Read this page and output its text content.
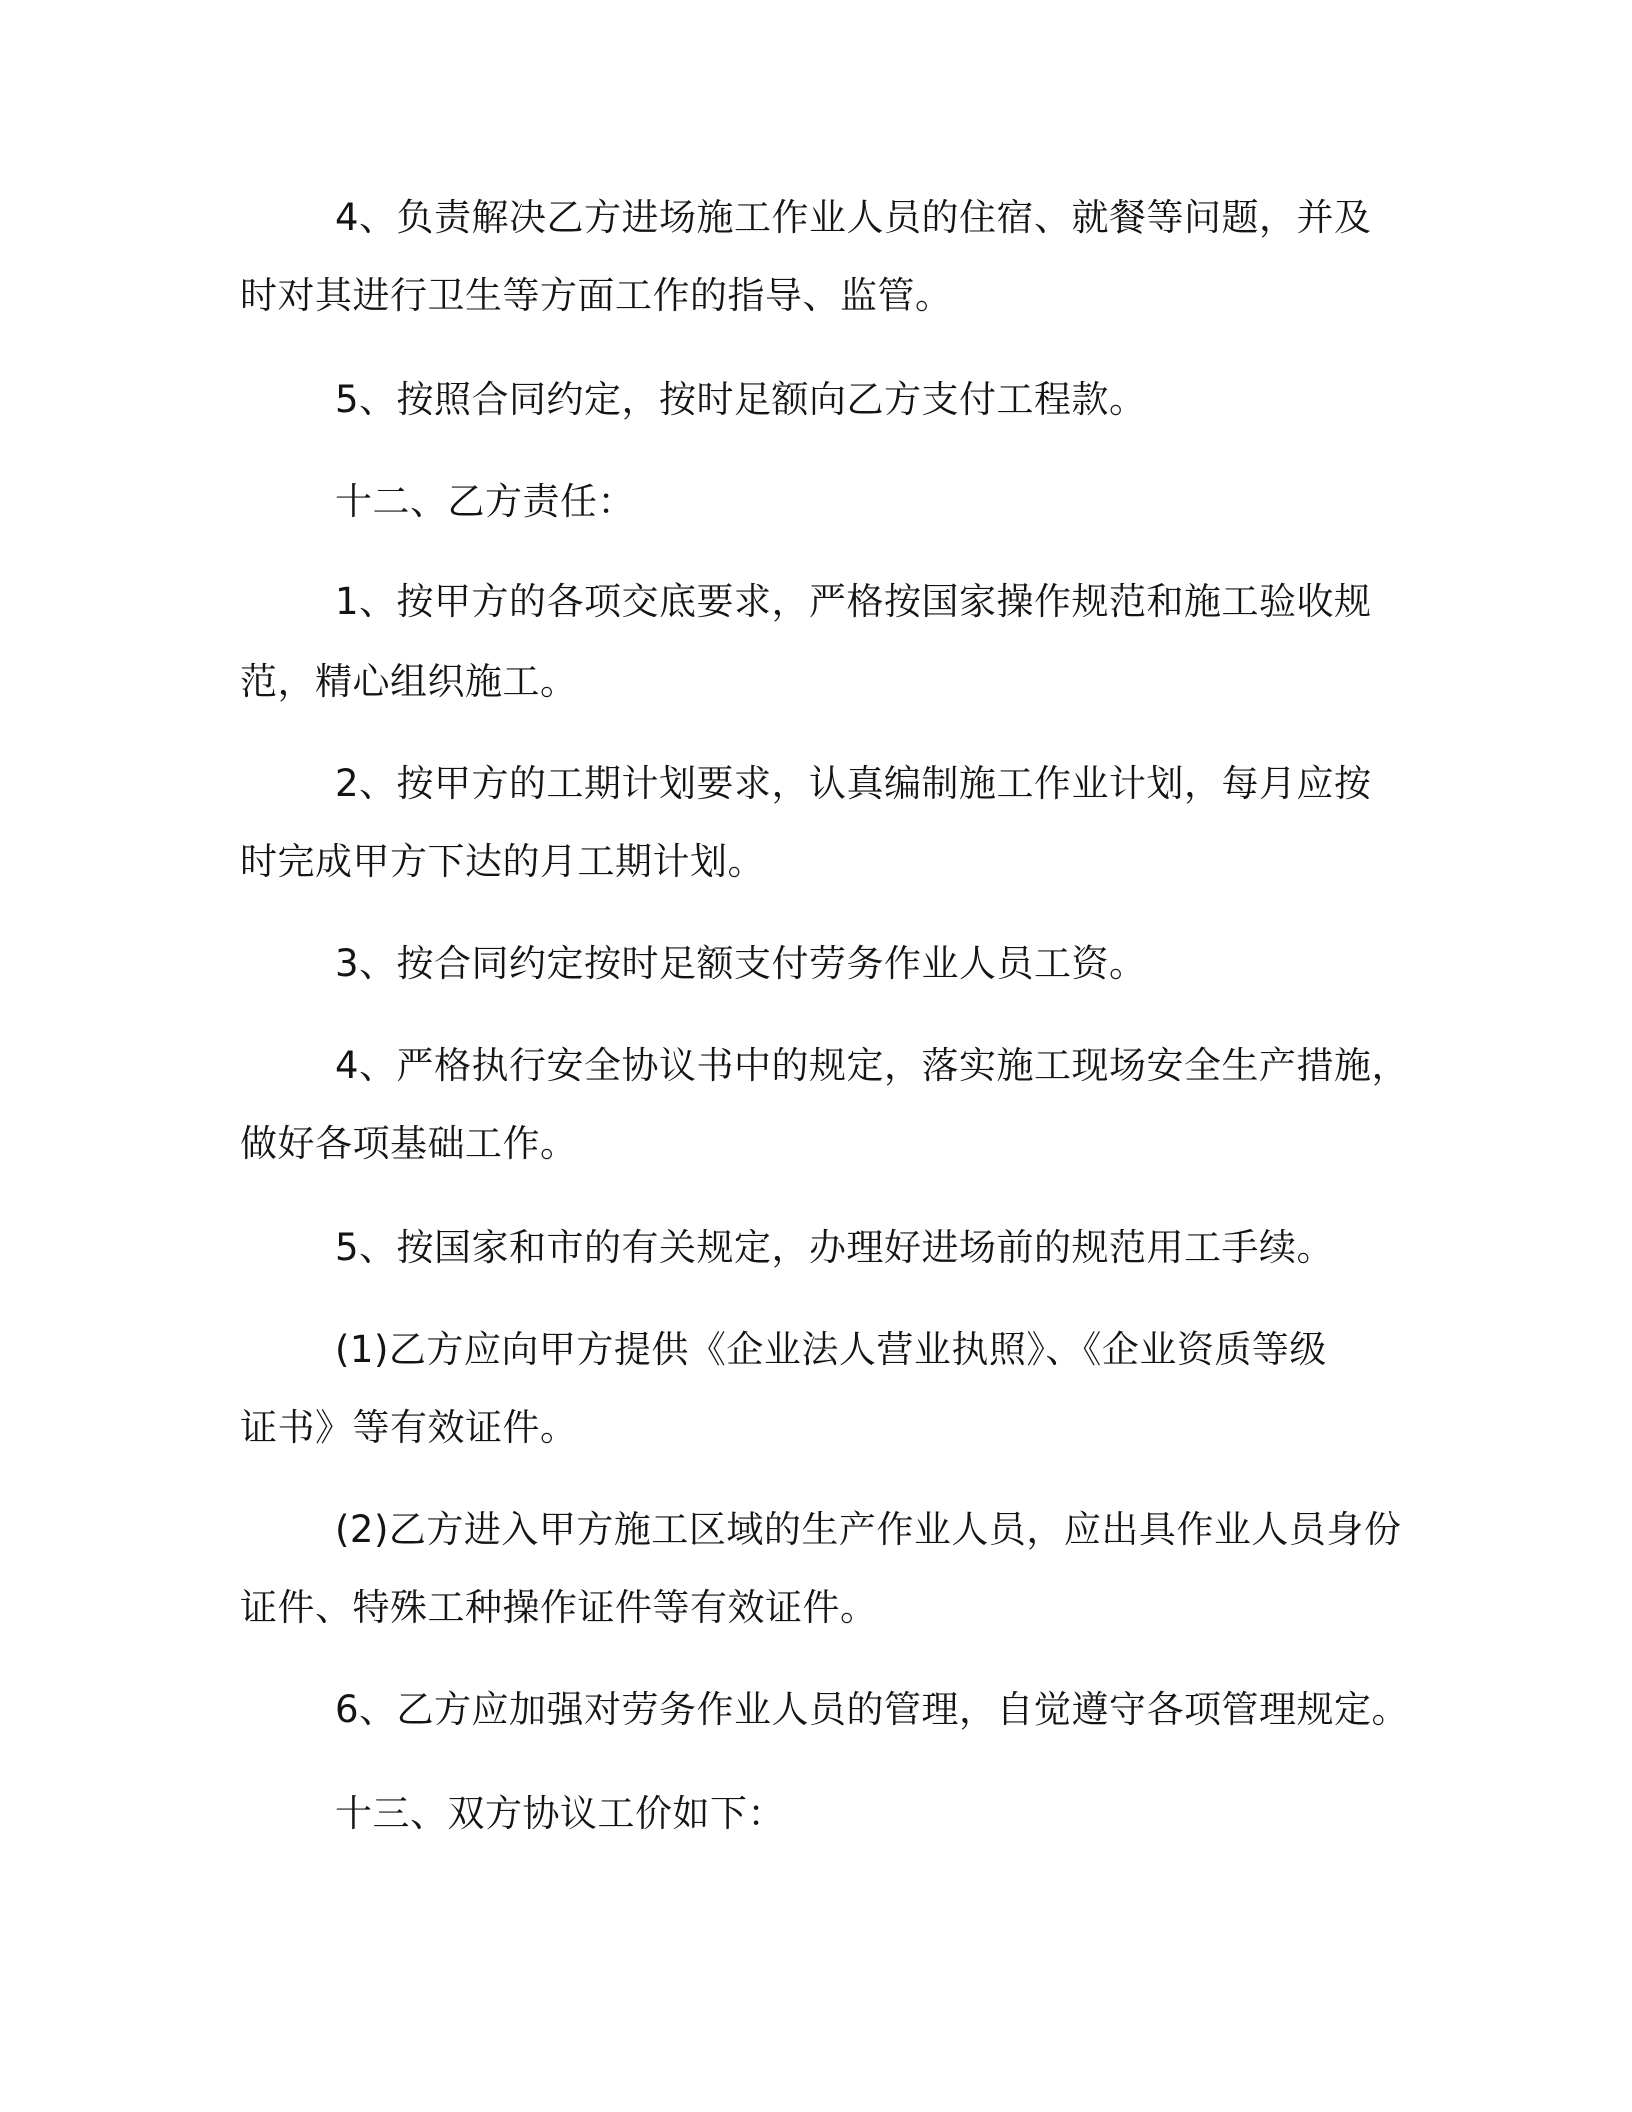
4、负责解决乙方进场施工作业人员的住宿、就餐等问题，并及
时对其进行卫生等方面工作的指导、监管。
5、按照合同约定，按时足额向乙方支付工程款。
十二、乙方责任：
1、按甲方的各项交底要求，严格按国家操作规范和施工验收规
范，精心组织施工。
2、按甲方的工期计划要求，认真编制施工作业计划，每月应按
时完成甲方下达的月工期计划。
3、按合同约定按时足额支付劳务作业人员工资。
4、严格执行安全协议书中的规定，落实施工现场安全生产措施，
做好各项基础工作。
5、按国家和市的有关规定，办理好进场前的规范用工手续。
(1)乙方应向甲方提供《企业法人营业执照》、《企业资质等级
证书》等有效证件。
(2)乙方进入甲方施工区域的生产作业人员，应出具作业人员身份
证件、特殊工种操作证件等有效证件。
6、乙方应加强对劳务作业人员的管理，自觉遵守各项管理规定。
十三、双方协议工价如下：
